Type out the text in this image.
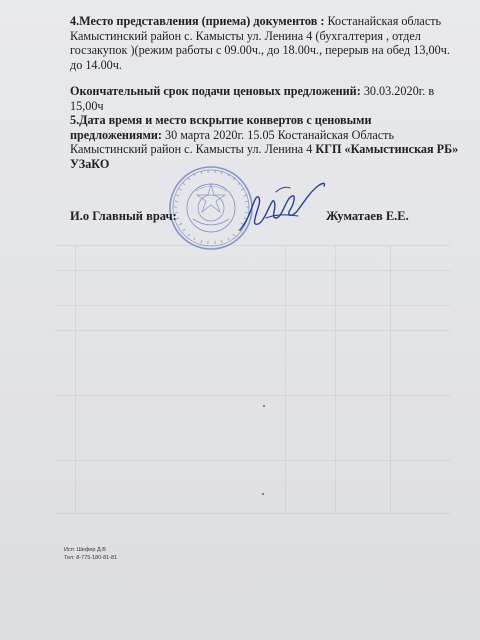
4.Место представления (приема) документов : Костанайская область Камыстинский район с. Камысты ул. Ленина 4 (бухгалтерия , отдел госзакупок )(режим работы с 09.00ч., до 18.00ч., перерыв на обед 13,00ч. до 14.00ч.

Окончательный срок подачи ценовых предложений: 30.03.2020г. в 15,00ч

5.Дата время и место вскрытие конвертов с ценовыми предложениями: 30 марта 2020г. 15.05 Костанайская Область Камыстинский район с. Камысты ул. Ленина 4 КГП «Камыстинская РБ» УЗаКО

И.о Главный врач:	Жуматаев Е.Е.
Исп: Шефер Д.В
Тел: 8-775-180-81-81
